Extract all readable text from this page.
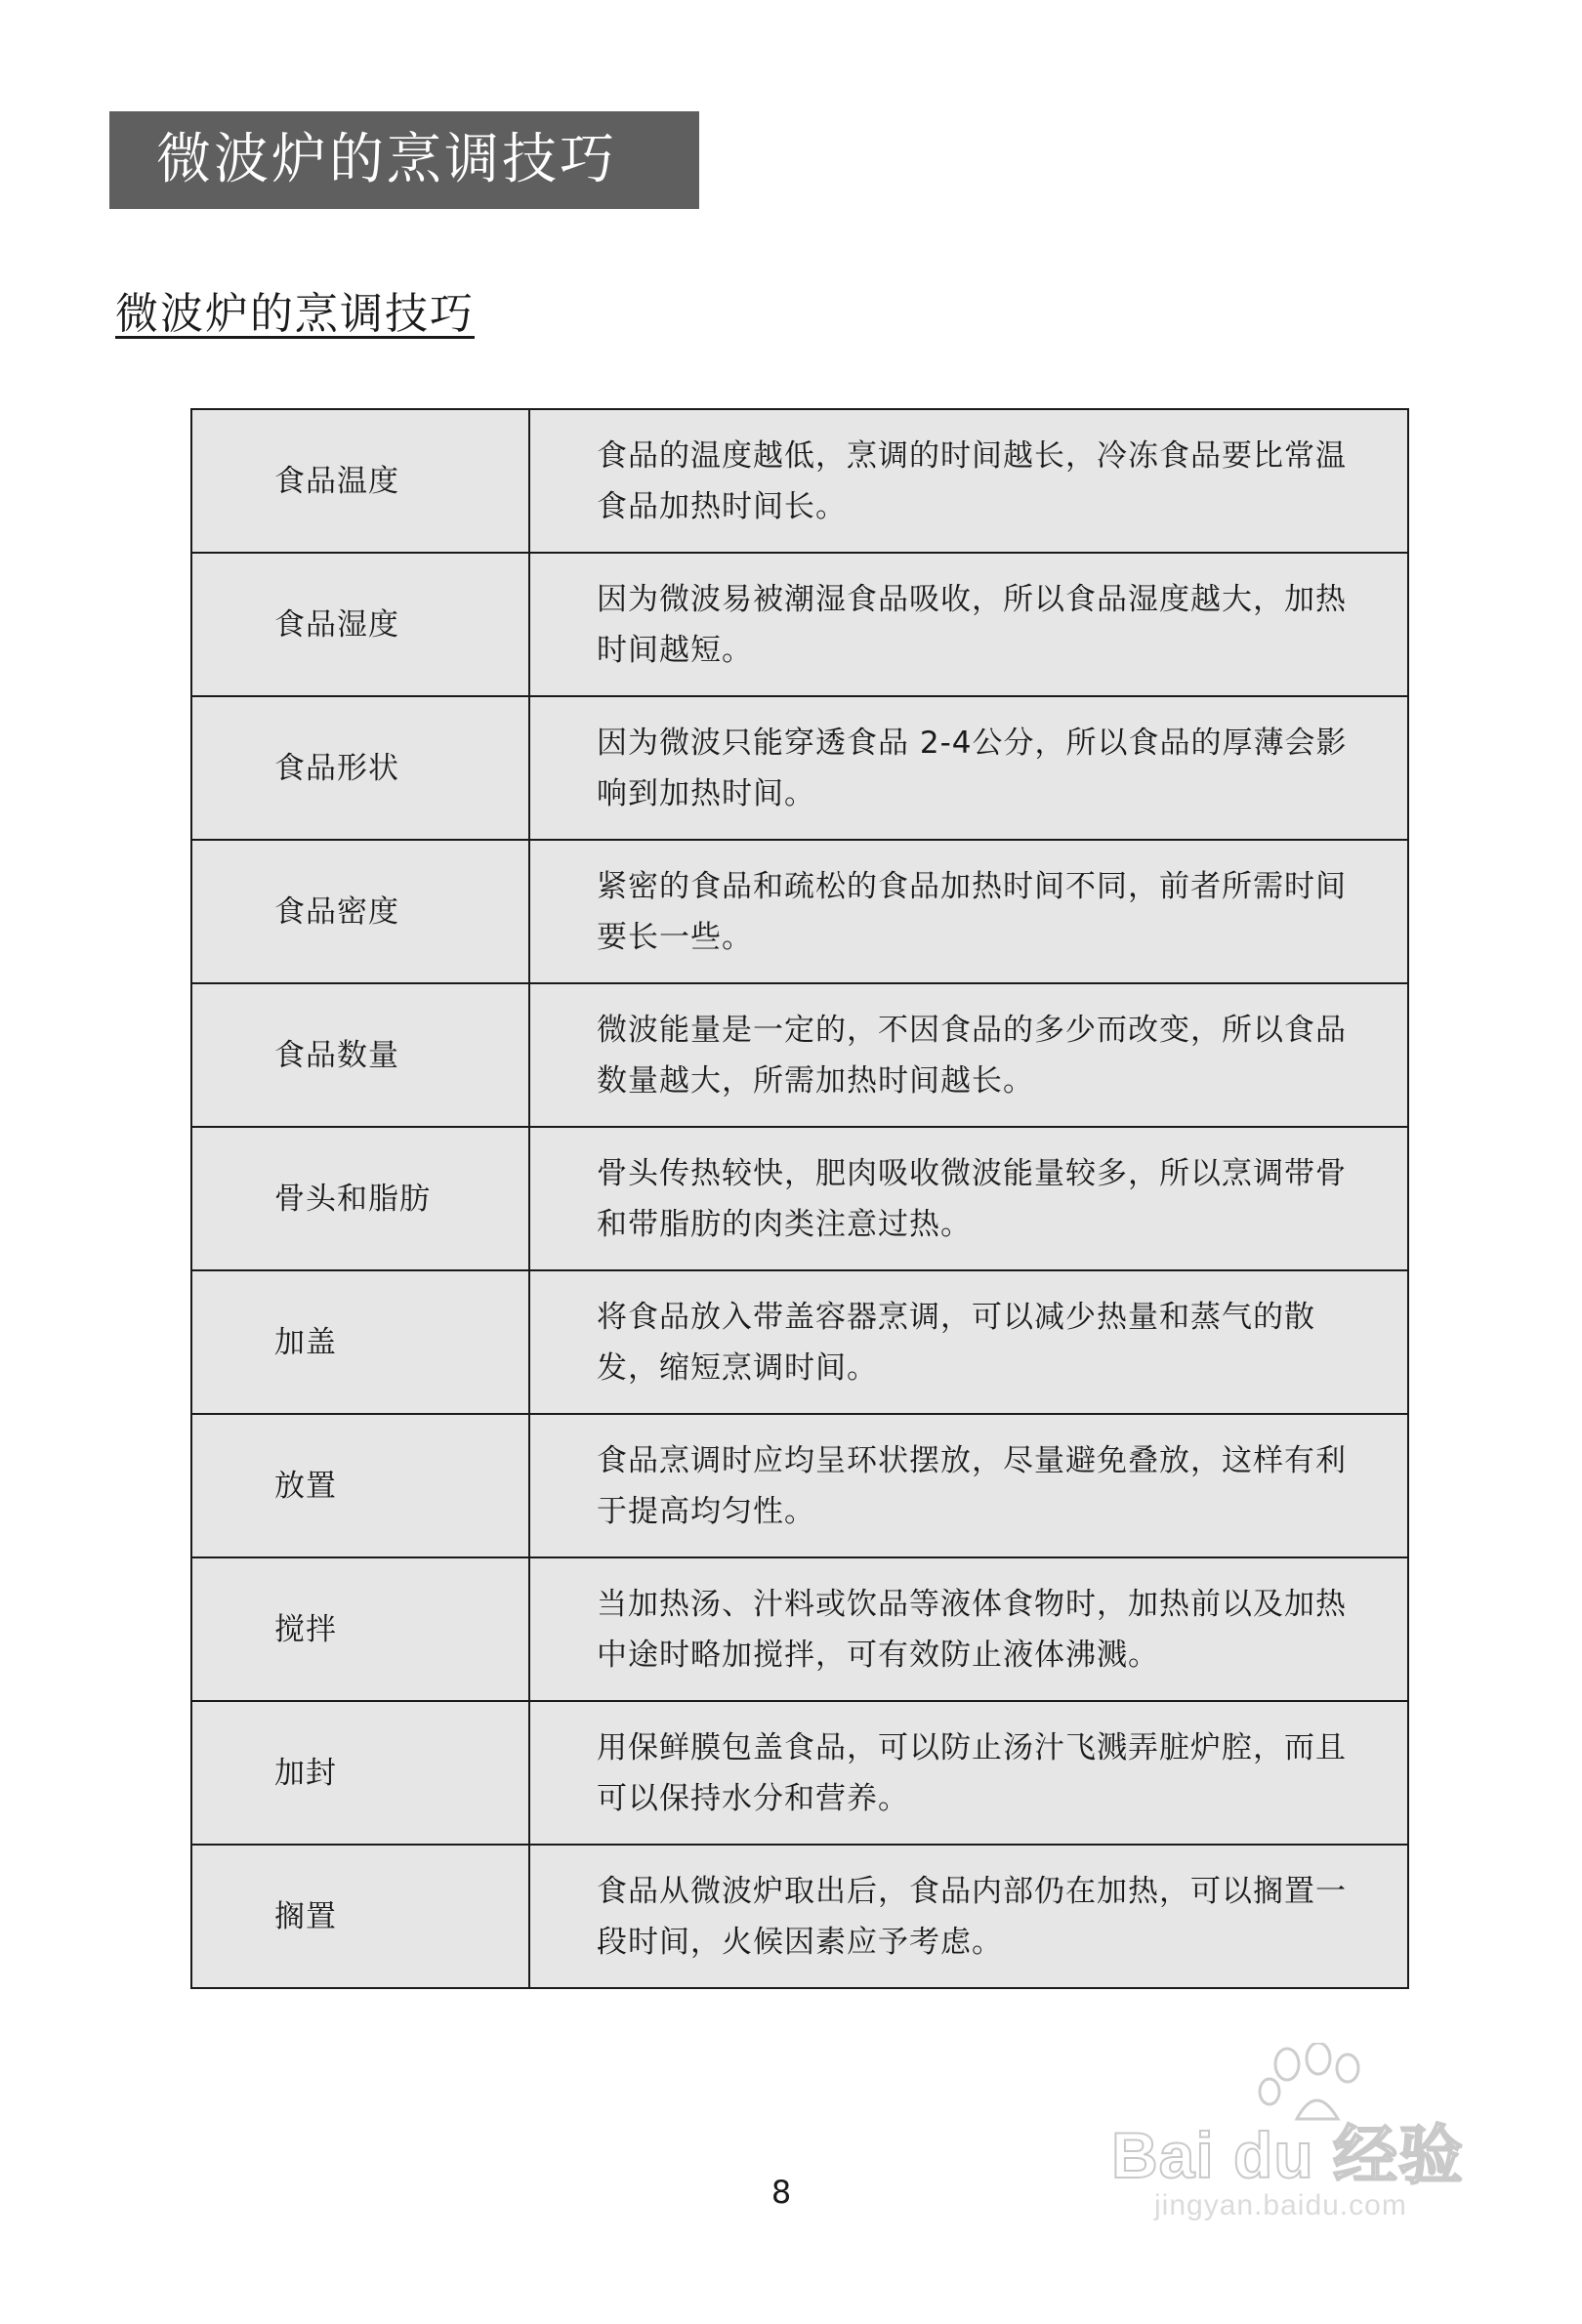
微波炉的烹调技巧
微波炉的烹调技巧
食品温度	食品的温度越低，烹调的时间越长，冷冻食品要比常温食品加热时间长。
食品湿度	因为微波易被潮湿食品吸收，所以食品湿度越大，加热时间越短。
食品形状	因为微波只能穿透食品 2-4公分，所以食品的厚薄会影响到加热时间。
食品密度	紧密的食品和疏松的食品加热时间不同，前者所需时间要长一些。
食品数量	微波能量是一定的，不因食品的多少而改变，所以食品数量越大，所需加热时间越长。
骨头和脂肪	骨头传热较快，肥肉吸收微波能量较多，所以烹调带骨和带脂肪的肉类注意过热。
加盖	将食品放入带盖容器烹调，可以减少热量和蒸气的散发，缩短烹调时间。
放置	食品烹调时应均呈环状摆放，尽量避免叠放，这样有利于提高均匀性。
搅拌	当加热汤、汁料或饮品等液体食物时，加热前以及加热中途时略加搅拌，可有效防止液体沸溅。
加封	用保鲜膜包盖食品，可以防止汤汁飞溅弄脏炉腔，而且可以保持水分和营养。
搁置	食品从微波炉取出后，食品内部仍在加热，可以搁置一段时间，火候因素应予考虑。
8
Bai du 经验
jingyan.baidu.com
